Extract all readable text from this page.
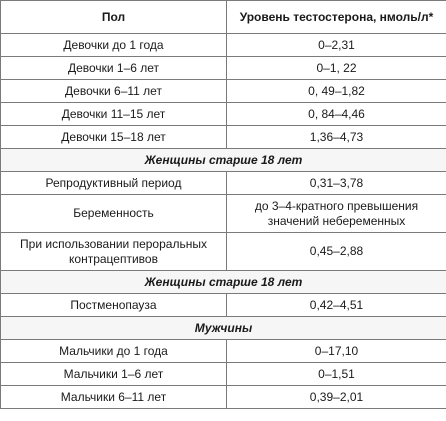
Пол	Уровень тестостерона, нмоль/л*
Девочки до 1 года	0–2,31
Девочки 1–6 лет	0–1, 22
Девочки 6–11 лет	0, 49–1,82
Девочки 11–15 лет	0, 84–4,46
Девочки 15–18 лет	1,36–4,73
Женщины старше 18 лет	
Репродуктивный период	0,31–3,78
Беременность	до 3–4-кратного превышения значений небеременных
При использовании пероральных контрацептивов	0,45–2,88
Женщины старше 18 лет	
Постменопауза	0,42–4,51
Мужчины	
Мальчики до 1 года	0–17,10
Мальчики 1–6 лет	0–1,51
Мальчики 6–11 лет	0,39–2,01
